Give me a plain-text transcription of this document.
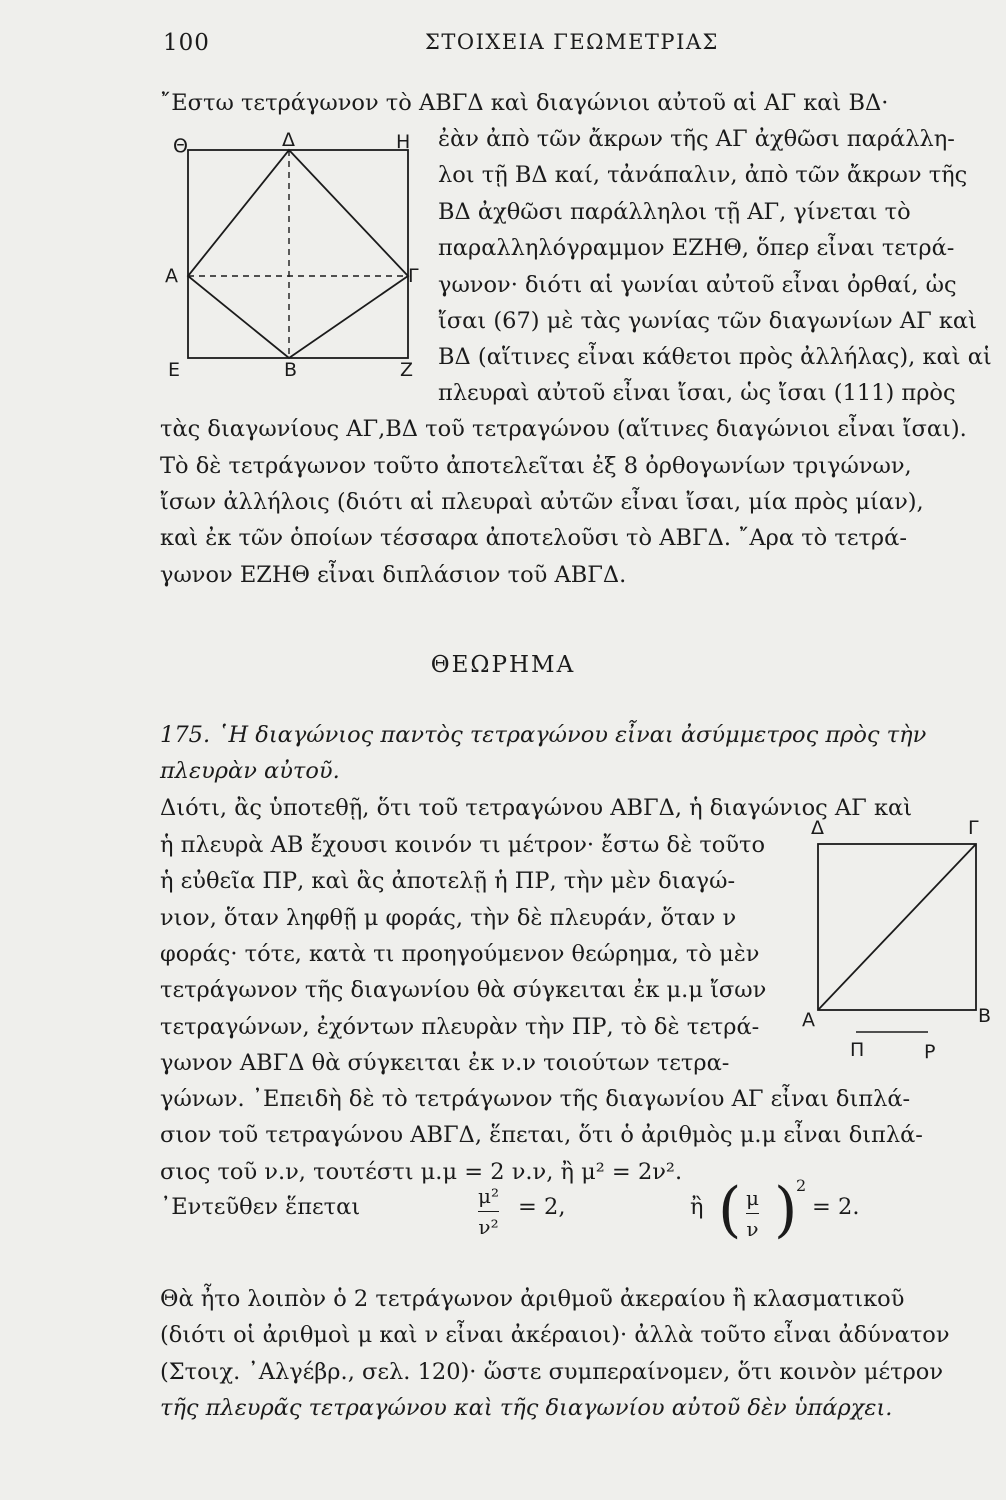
100	ΣΤΟΙΧΕΙΑ ΓΕΩΜΕΤΡΙΑΣ
῎Εστω τετράγωνον τὸ ΑΒΓΔ καὶ διαγώνιοι αὐτοῦ αἱ ΑΓ καὶ ΒΔ·
ἐὰν ἀπὸ τῶν ἄκρων τῆς ΑΓ ἀχθῶσι παράλλη-
λοι τῇ ΒΔ καί, τἀνάπαλιν, ἀπὸ τῶν ἄκρων τῆς
ΒΔ ἀχθῶσι παράλληλοι τῇ ΑΓ, γίνεται τὸ
παραλληλόγραμμον ΕΖΗΘ, ὅπερ εἶναι τετρά-
γωνον· διότι αἱ γωνίαι αὐτοῦ εἶναι ὀρθαί, ὡς
ἴσαι (67) μὲ τὰς γωνίας τῶν διαγωνίων ΑΓ καὶ
ΒΔ (αἵτινες εἶναι κάθετοι πρὸς ἀλλήλας), καὶ αἱ
πλευραὶ αὐτοῦ εἶναι ἴσαι, ὡς ἴσαι (111) πρὸς
τὰς διαγωνίους ΑΓ,ΒΔ τοῦ τετραγώνου (αἵτινες διαγώνιοι εἶναι ἴσαι).
Τὸ δὲ τετράγωνον τοῦτο ἀποτελεῖται ἐξ 8 ὀρθογωνίων τριγώνων,
ἴσων ἀλλήλοις (διότι αἱ πλευραὶ αὐτῶν εἶναι ἴσαι, μία πρὸς μίαν),
καὶ ἐκ τῶν ὁποίων τέσσαρα ἀποτελοῦσι τὸ ΑΒΓΔ. ῎Αρα τὸ τετρά-
γωνον ΕΖΗΘ εἶναι διπλάσιον τοῦ ΑΒΓΔ.
Θ	Δ	Η
Α	Γ
Ε	Β	Ζ
ΘΕΩΡΗΜΑ
175. ῾Η διαγώνιος παντὸς τετραγώνου εἶναι ἀσύμμετρος πρὸς τὴν
πλευρὰν αὐτοῦ.
Διότι, ἂς ὑποτεθῇ, ὅτι τοῦ τετραγώνου ΑΒΓΔ, ἡ διαγώνιος ΑΓ καὶ
ἡ πλευρὰ ΑΒ ἔχουσι κοινόν τι μέτρον· ἔστω δὲ τοῦτο
ἡ εὐθεῖα ΠΡ, καὶ ἂς ἀποτελῇ ἡ ΠΡ, τὴν μὲν διαγώ-
νιον, ὅταν ληφθῇ μ φοράς, τὴν δὲ πλευράν, ὅταν ν
φοράς· τότε, κατὰ τι προηγούμενον θεώρημα, τὸ μὲν
τετράγωνον τῆς διαγωνίου θὰ σύγκειται ἐκ μ.μ ἴσων
τετραγώνων, ἐχόντων πλευρὰν τὴν ΠΡ, τὸ δὲ τετρά-
γωνον ΑΒΓΔ θὰ σύγκειται ἐκ ν.ν τοιούτων τετρα-
γώνων. ᾿Επειδὴ δὲ τὸ τετράγωνον τῆς διαγωνίου ΑΓ εἶναι διπλά-
σιον τοῦ τετραγώνου ΑΒΓΔ, ἕπεται, ὅτι ὁ ἀριθμὸς μ.μ εἶναι διπλά-
σιος τοῦ ν.ν, τουτέστι μ.μ = 2 ν.ν, ἢ μ² = 2ν².
Δ	Γ
Α	Β
Π	Ρ
᾿Εντεῦθεν ἕπεται	μ²
ν²
= 2,	ἢ ( μ
ν )
2
= 2.
Θὰ ἦτο λοιπὸν ὁ 2 τετράγωνον ἀριθμοῦ ἀκεραίου ἢ κλασματικοῦ
(διότι οἱ ἀριθμοὶ μ καὶ ν εἶναι ἀκέραιοι)· ἀλλὰ τοῦτο εἶναι ἀδύνατον
(Στοιχ. ᾿Αλγέβρ., σελ. 120)· ὥστε συμπεραίνομεν, ὅτι κοινὸν μέτρον
τῆς πλευρᾶς τετραγώνου καὶ τῆς διαγωνίου αὐτοῦ δὲν ὑπάρχει.
